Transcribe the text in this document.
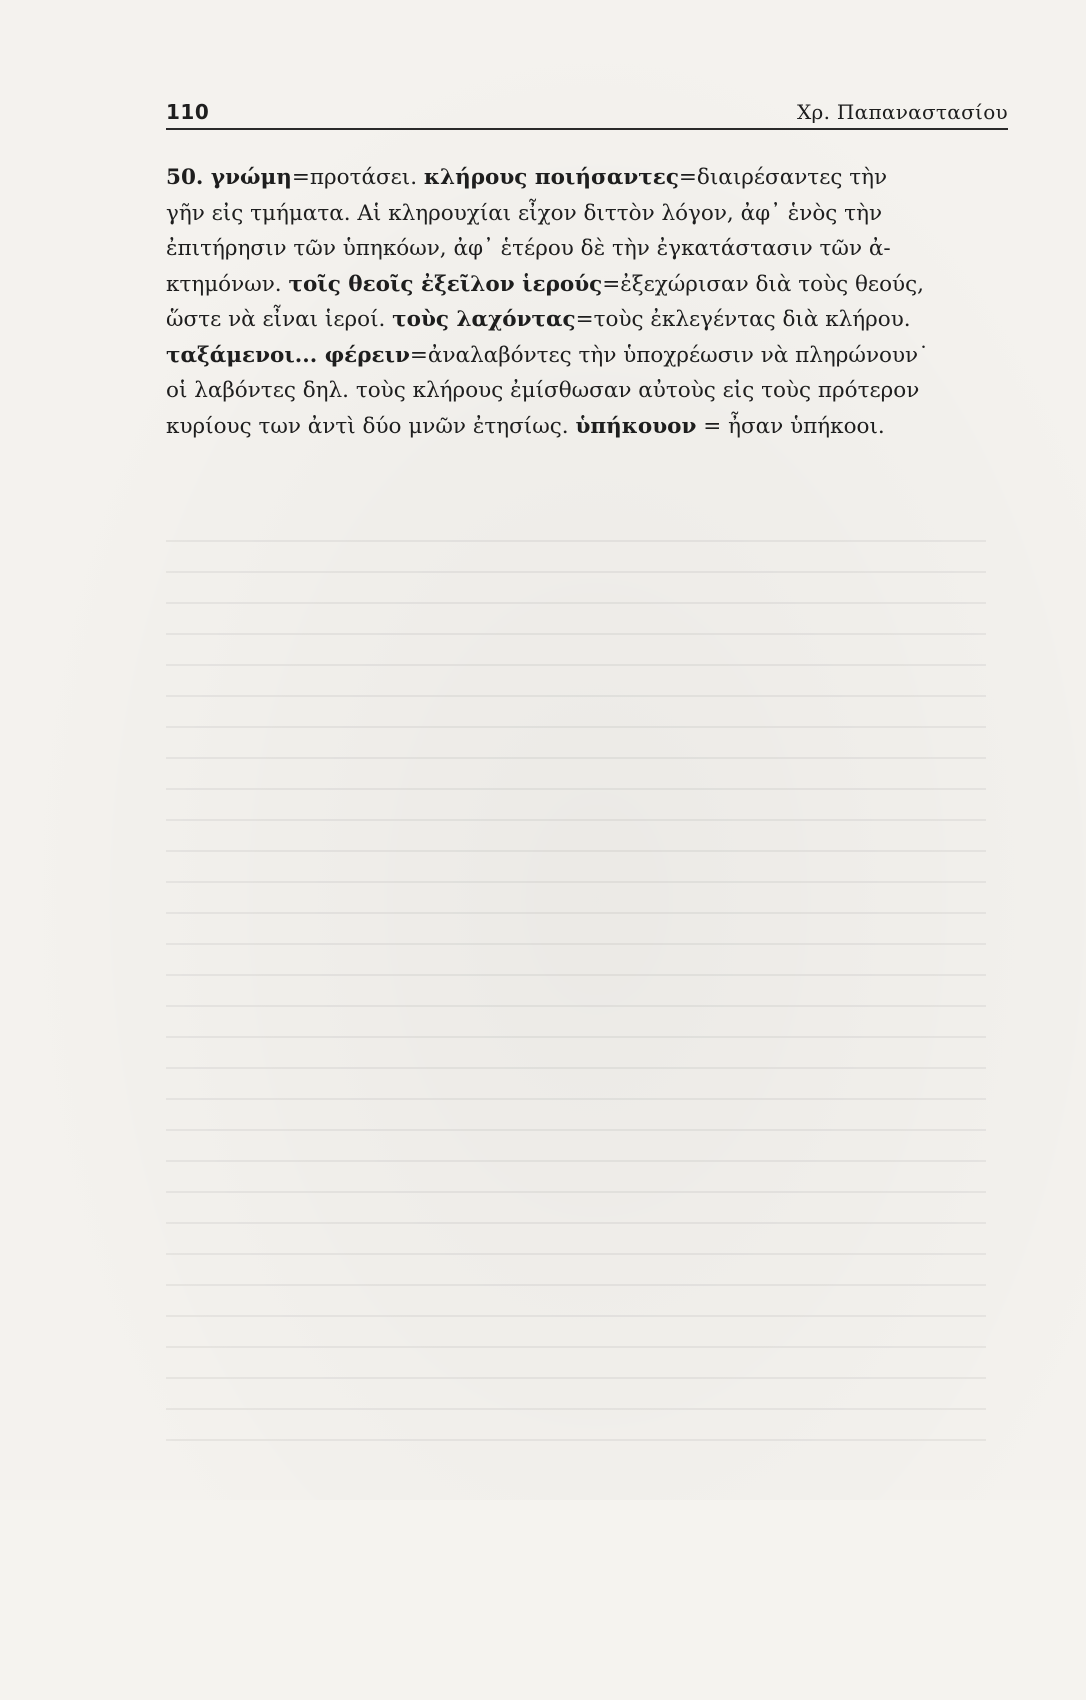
110	Χρ. Παπαναστασίου
50. γνώμη=προτάσει. κλήρους ποιήσαντες=διαιρέσαντες τὴν
γῆν εἰς τμήματα. Αἱ κληρουχίαι εἶχον διττὸν λόγον, ἀφ᾽ ἑνὸς τὴν
ἐπιτήρησιν τῶν ὑπηκόων, ἀφ᾽ ἑτέρου δὲ τὴν ἐγκατάστασιν τῶν ἀ-
κτημόνων. τοῖς θεοῖς ἐξεῖλον ἱερούς=ἐξεχώρισαν διὰ τοὺς θεούς,
ὥστε νὰ εἶναι ἱεροί. τοὺς λαχόντας=τοὺς ἐκλεγέντας διὰ κλήρου.
ταξάμενοι... φέρειν=ἀναλαβόντες τὴν ὑποχρέωσιν νὰ πληρώνουν˙
οἱ λαβόντες δηλ. τοὺς κλήρους ἐμίσθωσαν αὐτοὺς εἰς τοὺς πρότερον
κυρίους των ἀντὶ δύο μνῶν ἐτησίως. ὑπήκουον = ἦσαν ὑπήκοοι.
